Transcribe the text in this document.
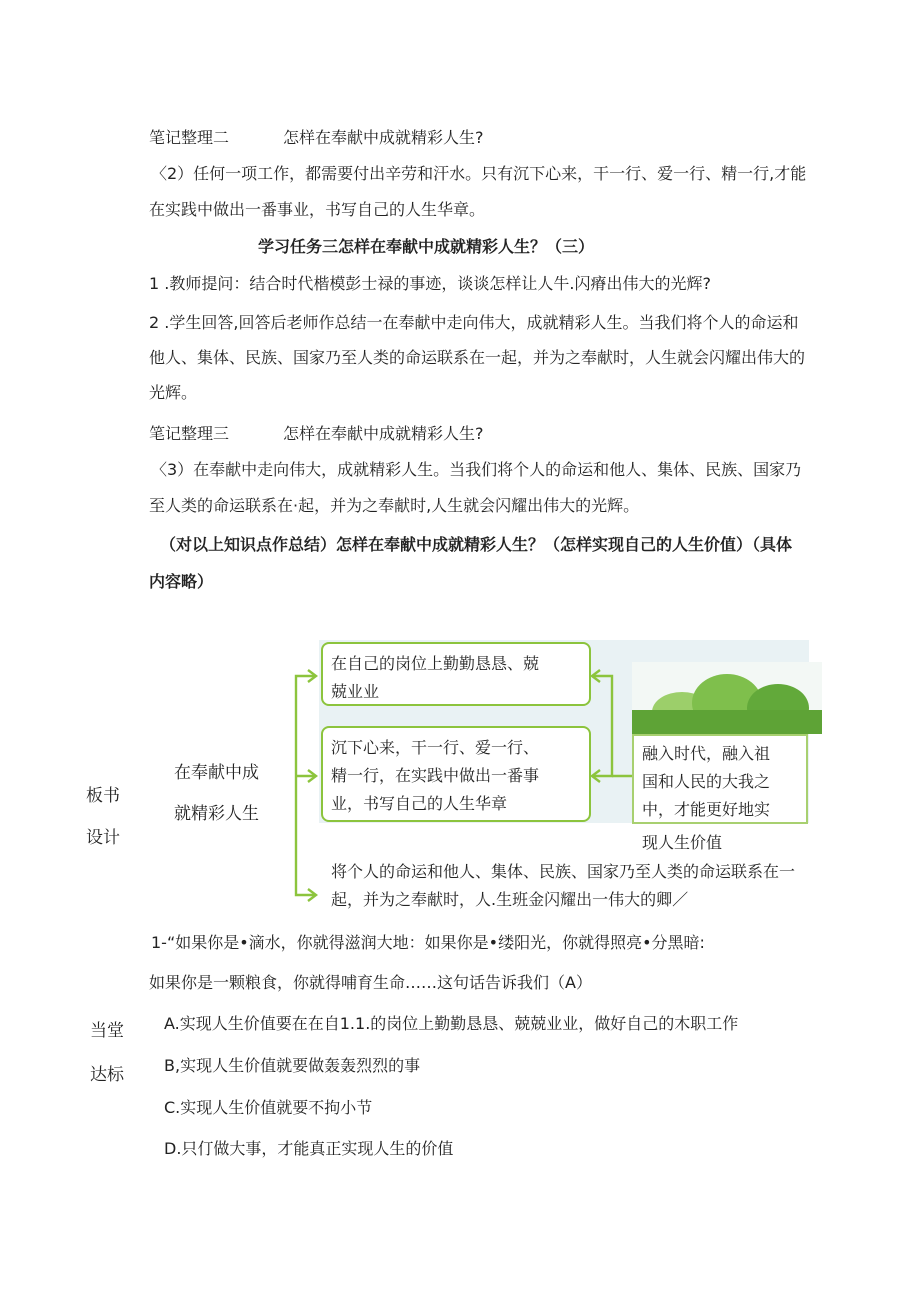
笔记整理二	怎样在奉献中成就精彩人生?
〈2）任何一项工作，都需要付出辛劳和汗水。只有沉下心来，干一行、爱一行、精一行,才能
在实践中做出一番事业，书写自己的人生华章。
学习任务三怎样在奉献中成就精彩人生？（三）
1 .教师提问：结合时代楷模彭士禄的事迹，谈谈怎样让人牛.闪瘠出伟大的光辉?
2 .学生回答,回答后老师作总结一在奉献中走向伟大，成就精彩人生。当我们将个人的命运和
他人、集体、民族、国家乃至人类的命运联系在一起，并为之奉献时，人生就会闪耀出伟大的
光辉。
笔记整理三	怎样在奉献中成就精彩人生?
〈3）在奉献中走向伟大，成就精彩人生。当我们将个人的命运和他人、集体、民族、国家乃
至人类的命运联系在·起，并为之奉献时,人生就会闪耀出伟大的光辉。
（对以上知识点作总结）怎样在奉献中成就精彩人生？（怎样实现自己的人生价值）（具体
内容略）
板书
设计
在奉献中成
就精彩人生
在自己的岗位上勤勤恳恳、兢
兢业业
沉下心来，干一行、爱一行、
精一行，在实践中做出一番事
业，书写自己的人生华章
融入时代，融入祖
国和人民的大我之
中，才能更好地实
现人生价值
将个人的命运和他人、集体、民族、国家乃至人类的命运联系在一
起，并为之奉献时，人.生班金闪耀出一伟大的卿／
1-“如果你是•滴水，你就得滋润大地：如果你是•缕阳光，你就得照亮•分黑暗:
如果你是一颗粮食，你就得哺育生命……这句话告诉我们（A）
当堂
达标
A.实现人生价值要在在自1.1.的岗位上勤勤恳恳、兢兢业业，做好自己的木职工作
B,实现人生价值就要做轰轰烈烈的事
C.实现人生价值就要不拘小节
D.只仃做大事，才能真正实现人生的价值
